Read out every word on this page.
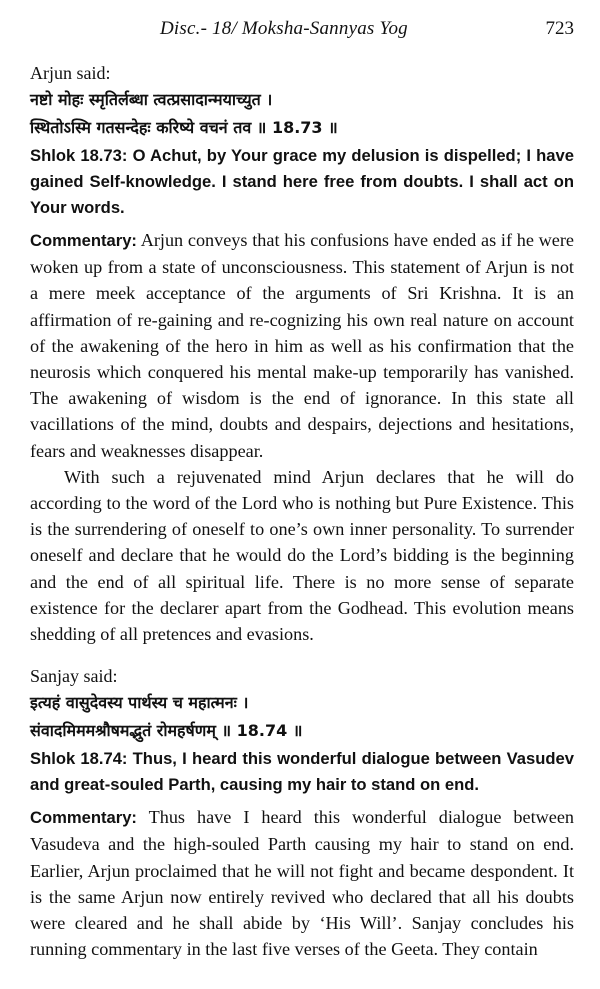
Disc.- 18/ Moksha-Sannyas Yog	723

Arjun said:

नष्टो मोहः स्मृतिर्लब्धा त्वत्प्रसादान्मयाच्युत ।

स्थितोऽस्मि गतसन्देहः करिष्ये वचनं तव ॥ 18.73 ॥

Shlok 18.73: O Achut, by Your grace my delusion is dispelled; I have gained Self-knowledge. I stand here free from doubts. I shall act on Your words.

Commentary: Arjun conveys that his confusions have ended as if he were woken up from a state of unconsciousness. This statement of Arjun is not a mere meek acceptance of the arguments of Sri Krishna. It is an affirmation of re-gaining and re-cognizing his own real nature on account of the awakening of the hero in him as well as his confirmation that the neurosis which conquered his mental make-up temporarily has vanished. The awakening of wisdom is the end of ignorance. In this state all vacillations of the mind, doubts and despairs, dejections and hesitations, fears and weaknesses disappear.

With such a rejuvenated mind Arjun declares that he will do according to the word of the Lord who is nothing but Pure Existence. This is the surrendering of oneself to one’s own inner personality. To surrender oneself and declare that he would do the Lord’s bidding is the beginning and the end of all spiritual life. There is no more sense of separate existence for the declarer apart from the Godhead. This evolution means shedding of all pretences and evasions.

Sanjay said:

इत्यहं वासुदेवस्य पार्थस्य च महात्मनः ।

संवादमिममश्रौषमद्भुतं रोमहर्षणम् ॥ 18.74 ॥

Shlok 18.74: Thus, I heard this wonderful dialogue between Vasudev and great-souled Parth, causing my hair to stand on end.

Commentary: Thus have I heard this wonderful dialogue between Vasudeva and the high-souled Parth causing my hair to stand on end. Earlier, Arjun proclaimed that he will not fight and became despondent. It is the same Arjun now entirely revived who declared that all his doubts were cleared and he shall abide by ‘His Will’. Sanjay concludes his running commentary in the last five verses of the Geeta. They contain
